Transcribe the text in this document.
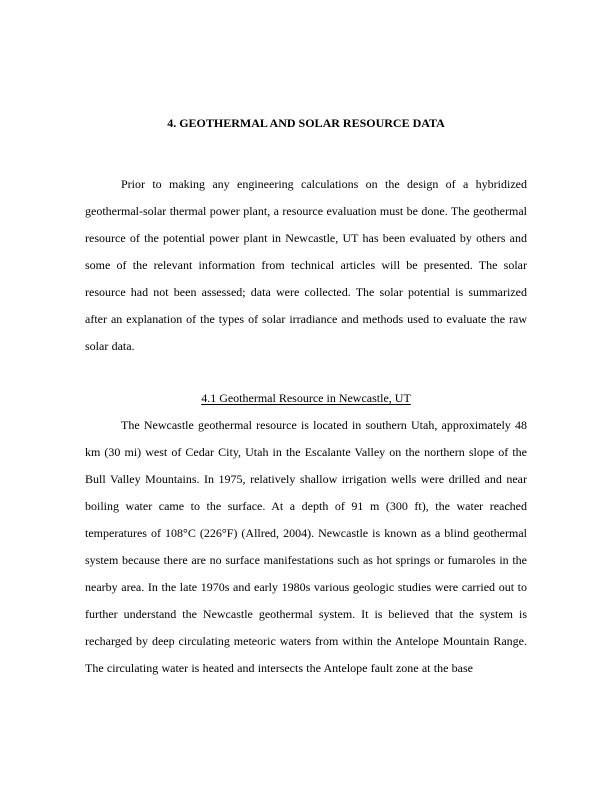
4. GEOTHERMAL AND SOLAR RESOURCE DATA

Prior to making any engineering calculations on the design of a hybridized geothermal-solar thermal power plant, a resource evaluation must be done. The geothermal resource of the potential power plant in Newcastle, UT has been evaluated by others and some of the relevant information from technical articles will be presented. The solar resource had not been assessed; data were collected. The solar potential is summarized after an explanation of the types of solar irradiance and methods used to evaluate the raw solar data.

4.1 Geothermal Resource in Newcastle, UT

The Newcastle geothermal resource is located in southern Utah, approximately 48 km (30 mi) west of Cedar City, Utah in the Escalante Valley on the northern slope of the Bull Valley Mountains. In 1975, relatively shallow irrigation wells were drilled and near boiling water came to the surface. At a depth of 91 m (300 ft), the water reached temperatures of 108°C (226°F) (Allred, 2004). Newcastle is known as a blind geothermal system because there are no surface manifestations such as hot springs or fumaroles in the nearby area. In the late 1970s and early 1980s various geologic studies were carried out to further understand the Newcastle geothermal system. It is believed that the system is recharged by deep circulating meteoric waters from within the Antelope Mountain Range. The circulating water is heated and intersects the Antelope fault zone at the base
